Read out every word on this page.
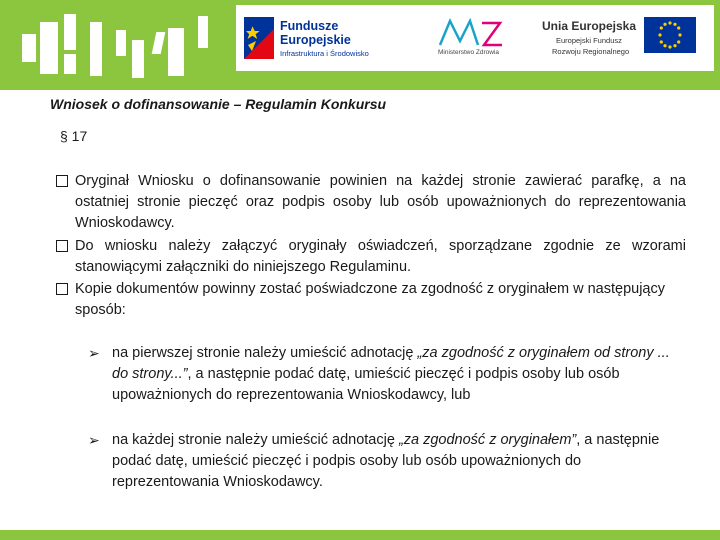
Fundusze
Europejskie
Infrastruktura i Środowisko	Ministerstwo Zdrowia
Unia Europejska
Europejski Fundusz
Rozwoju Regionalnego
Wniosek o dofinansowanie – Regulamin Konkursu
§ 17
Oryginał Wniosku o dofinansowanie powinien na każdej stronie zawierać parafkę, a na ostatniej stronie pieczęć oraz podpis osoby lub osób upoważnionych do reprezentowania Wnioskodawcy.
Do wniosku należy załączyć oryginały oświadczeń, sporządzane zgodnie ze wzorami stanowiącymi załączniki do niniejszego Regulaminu.
Kopie dokumentów powinny zostać poświadczone za zgodność z oryginałem w następujący sposób:
➢ na pierwszej stronie należy umieścić adnotację „za zgodność z oryginałem od strony ... do strony...”, a następnie podać datę, umieścić pieczęć i podpis osoby lub osób upoważnionych do reprezentowania Wnioskodawcy, lub
➢ na każdej stronie należy umieścić adnotację „za zgodność z oryginałem”, a następnie podać datę, umieścić pieczęć i podpis osoby lub osób upoważnionych do reprezentowania Wnioskodawcy.
